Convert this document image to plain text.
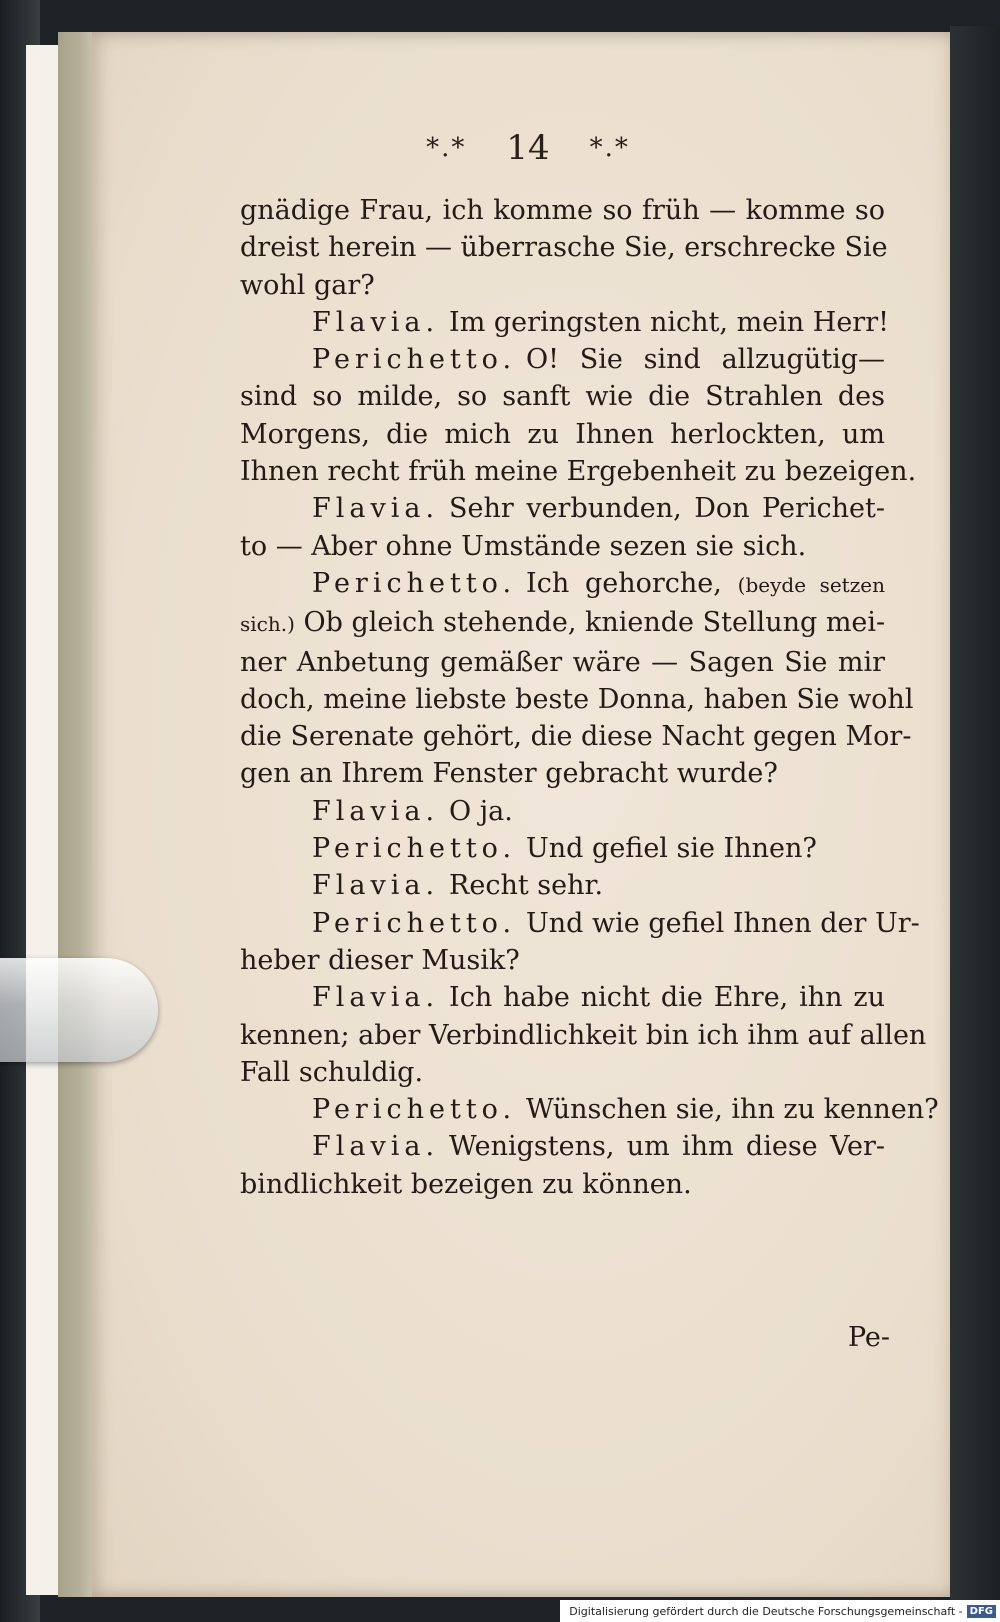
*.* 14 *.*
gnädige Frau, ich komme so früh — komme so
dreist herein — überrasche Sie, erschrecke Sie
wohl gar?
Flavia. Im geringsten nicht, mein Herr!
Perichetto. O! Sie sind allzugütig—
sind so milde, so sanft wie die Strahlen des
Morgens, die mich zu Ihnen herlockten, um
Ihnen recht früh meine Ergebenheit zu bezeigen.
Flavia. Sehr verbunden, Don Perichet-
to — Aber ohne Umstände sezen sie sich.
Perichetto. Ich gehorche, (beyde setzen
sich.) Ob gleich stehende, kniende Stellung mei-
ner Anbetung gemäßer wäre — Sagen Sie mir
doch, meine liebste beste Donna, haben Sie wohl
die Serenate gehört, die diese Nacht gegen Mor-
gen an Ihrem Fenster gebracht wurde?
Flavia. O ja.
Perichetto. Und gefiel sie Ihnen?
Flavia. Recht sehr.
Perichetto. Und wie gefiel Ihnen der Ur-
heber dieser Musik?
Flavia. Ich habe nicht die Ehre, ihn zu
kennen; aber Verbindlichkeit bin ich ihm auf allen
Fall schuldig.
Perichetto. Wünschen sie, ihn zu kennen?
Flavia. Wenigstens, um ihm diese Ver-
bindlichkeit bezeigen zu können.
Pe-
Digitalisierung gefördert durch die Deutsche Forschungsgemeinschaft - DFG
